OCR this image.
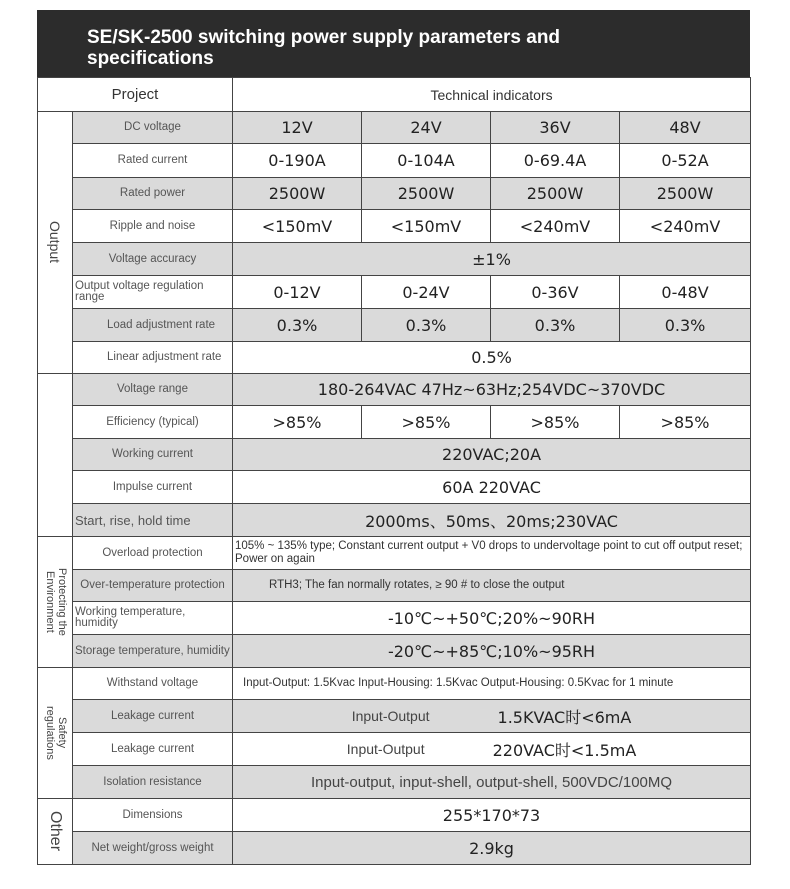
SE/SK-2500 switching power supply parameters and
specifications
Project		Technical indicators			

Output	DC voltage	12V	24V	36V	48V
	Rated current	0-190A	0-104A	0-69.4A	0-52A
	Rated power	2500W	2500W	2500W	2500W
	Ripple and noise	<150mV	<150mV	<240mV	<240mV
	Voltage accuracy	±1%			
	Output voltage regulation range	0-12V	0-24V	0-36V	0-48V
	Load adjustment rate	0.3%	0.3%	0.3%	0.3%
	Linear adjustment rate	0.5%			
	Voltage range	180-264VAC 47Hz~63Hz;254VDC~370VDC			
	Efficiency (typical)	>85%	>85%	>85%	>85%
	Working current	220VAC;20A			
	Impulse current	60A 220VAC			
	Start, rise, hold time	2000ms、50ms、20ms;230VAC			

Protecting the Environment	Overload protection	105% ~ 135% type; Constant current output + V0 drops to undervoltage point to cut off output reset; Power on again			
	Over-temperature protection	RTH3; The fan normally rotates, ≥ 90 # to close the output			
	Working temperature, humidity	-10℃~+50℃;20%~90RH			
	Storage temperature, humidity	-20℃~+85℃;10%~95RH			

Safety regulations	Withstand voltage	Input-Output: 1.5Kvac Input-Housing: 1.5Kvac Output-Housing: 0.5Kvac for 1 minute			
	Leakage current	Input-Output 1.5KVAC时<6mA			

	Leakage current	Input-Output 220VAC时<1.5mA			

	Isolation resistance	Input-output, input-shell, output-shell, 500VDC/100MQ			

Other	Dimensions	255*170*73			
	Net weight/gross weight	2.9kg			
